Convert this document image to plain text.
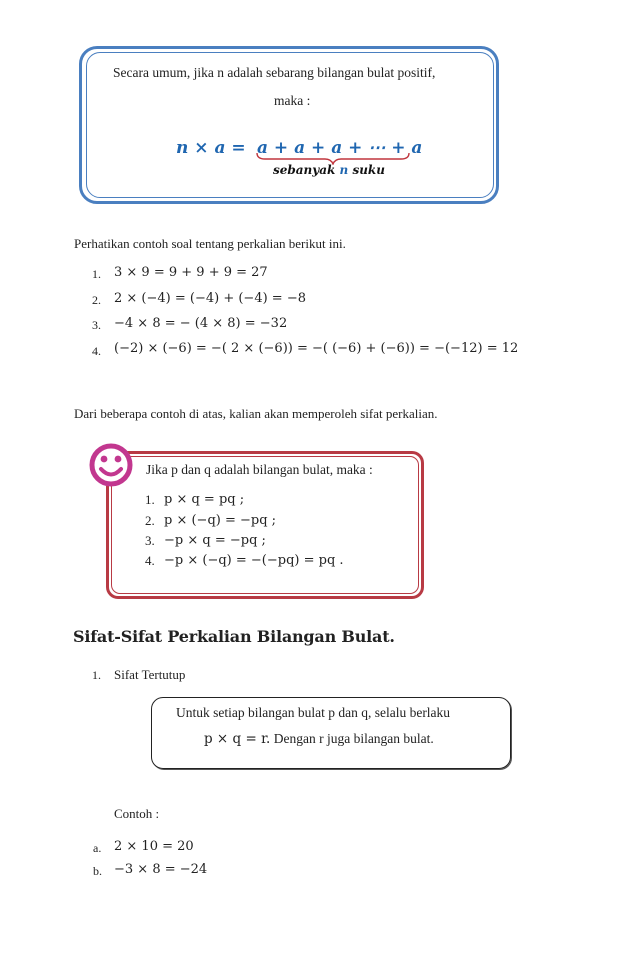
Secara umum, jika n adalah sebarang bilangan bulat positif,
maka :
n × a = a + a + a + ⋯ + a
sebanyak n suku
Perhatikan contoh soal tentang perkalian berikut ini.
1. 3 × 9 = 9 + 9 + 9 = 27
2. 2 × (−4) = (−4) + (−4) = −8
3. −4 × 8 = − (4 × 8) = −32
4. (−2) × (−6) = −( 2 × (−6)) = −( (−6) + (−6)) = −(−12) = 12
Dari beberapa contoh di atas, kalian akan memperoleh sifat perkalian.
Jika p dan q adalah bilangan bulat, maka :
1. p × q = pq ;
2. p × (−q) = −pq ;
3. −p × q = −pq ;
4. −p × (−q) = −(−pq) = pq .
Sifat-Sifat Perkalian Bilangan Bulat.
1. Sifat Tertutup
Untuk setiap bilangan bulat p dan q, selalu berlaku
p × q = r. Dengan r juga bilangan bulat.
Contoh :
a. 2 × 10 = 20
b. −3 × 8 = −24
